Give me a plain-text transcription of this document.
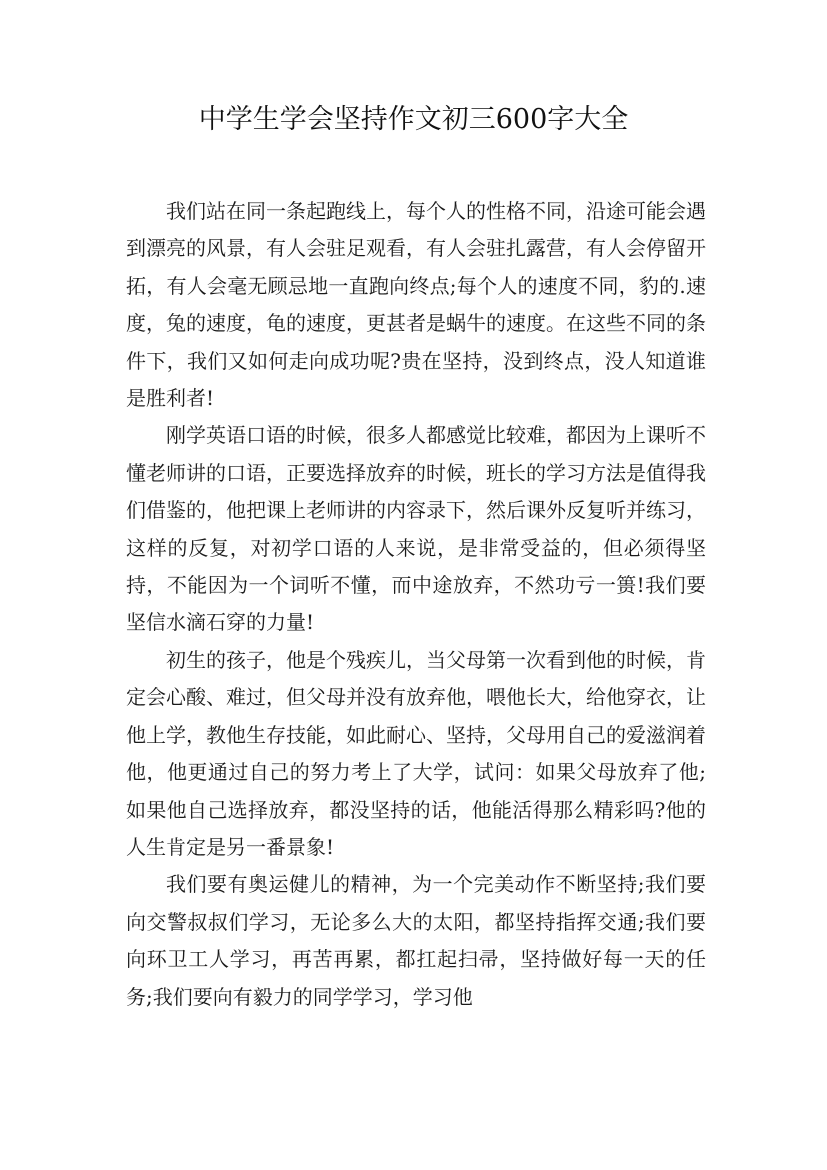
中学生学会坚持作文初三600字大全

我们站在同一条起跑线上，每个人的性格不同，沿途可能会遇到漂亮的风景，有人会驻足观看，有人会驻扎露营，有人会停留开拓，有人会毫无顾忌地一直跑向终点;每个人的速度不同，豹的.速度，兔的速度，龟的速度，更甚者是蜗牛的速度。在这些不同的条件下，我们又如何走向成功呢?贵在坚持，没到终点，没人知道谁是胜利者!

刚学英语口语的时候，很多人都感觉比较难，都因为上课听不懂老师讲的口语，正要选择放弃的时候，班长的学习方法是值得我们借鉴的，他把课上老师讲的内容录下，然后课外反复听并练习，这样的反复，对初学口语的人来说，是非常受益的，但必须得坚持，不能因为一个词听不懂，而中途放弃，不然功亏一篑!我们要坚信水滴石穿的力量!

初生的孩子，他是个残疾儿，当父母第一次看到他的时候，肯定会心酸、难过，但父母并没有放弃他，喂他长大，给他穿衣，让他上学，教他生存技能，如此耐心、坚持，父母用自己的爱滋润着他，他更通过自己的努力考上了大学，试问：如果父母放弃了他;如果他自己选择放弃，都没坚持的话，他能活得那么精彩吗?他的人生肯定是另一番景象!

我们要有奥运健儿的精神，为一个完美动作不断坚持;我们要向交警叔叔们学习，无论多么大的太阳，都坚持指挥交通;我们要向环卫工人学习，再苦再累，都扛起扫帚，坚持做好每一天的任务;我们要向有毅力的同学学习，学习他
